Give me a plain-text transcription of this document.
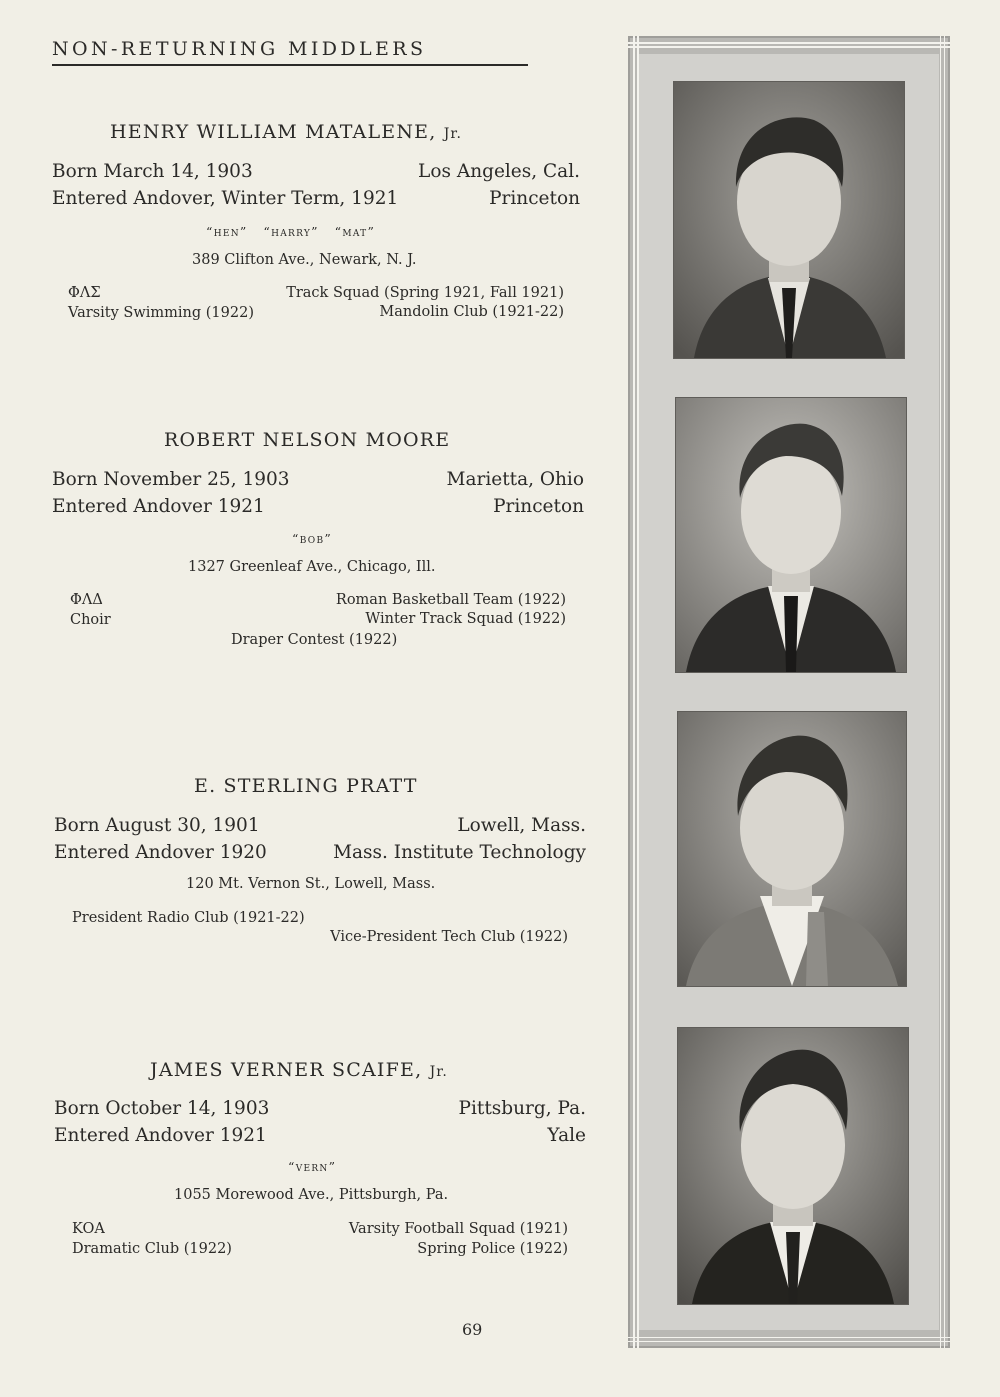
NON-RETURNING MIDDLERS
HENRY WILLIAM MATALENE, Jr.
Born March 14, 1903	Los Angeles, Cal.
Entered Andover, Winter Term, 1921	Princeton
“hen”   “harry”   “mat”
389 Clifton Ave., Newark, N. J.
ΦΛΣ	Track Squad (Spring 1921, Fall 1921)
Varsity Swimming (1922)	Mandolin Club (1921-22)
ROBERT NELSON MOORE
Born November 25, 1903	Marietta, Ohio
Entered Andover 1921	Princeton
“bob”
1327 Greenleaf Ave., Chicago, Ill.
ΦΛΔ	Roman Basketball Team (1922)
Choir	Winter Track Squad (1922)
Draper Contest (1922)
E. STERLING PRATT
Born August 30, 1901	Lowell, Mass.
Entered Andover 1920	Mass. Institute Technology
120 Mt. Vernon St., Lowell, Mass.
President Radio Club (1921-22)
Vice-President Tech Club (1922)
JAMES VERNER SCAIFE, Jr.
Born October 14, 1903	Pittsburg, Pa.
Entered Andover 1921	Yale
“vern”
1055 Morewood Ave., Pittsburgh, Pa.
KOA	Varsity Football Squad (1921)
Dramatic Club (1922)	Spring Police (1922)
69
